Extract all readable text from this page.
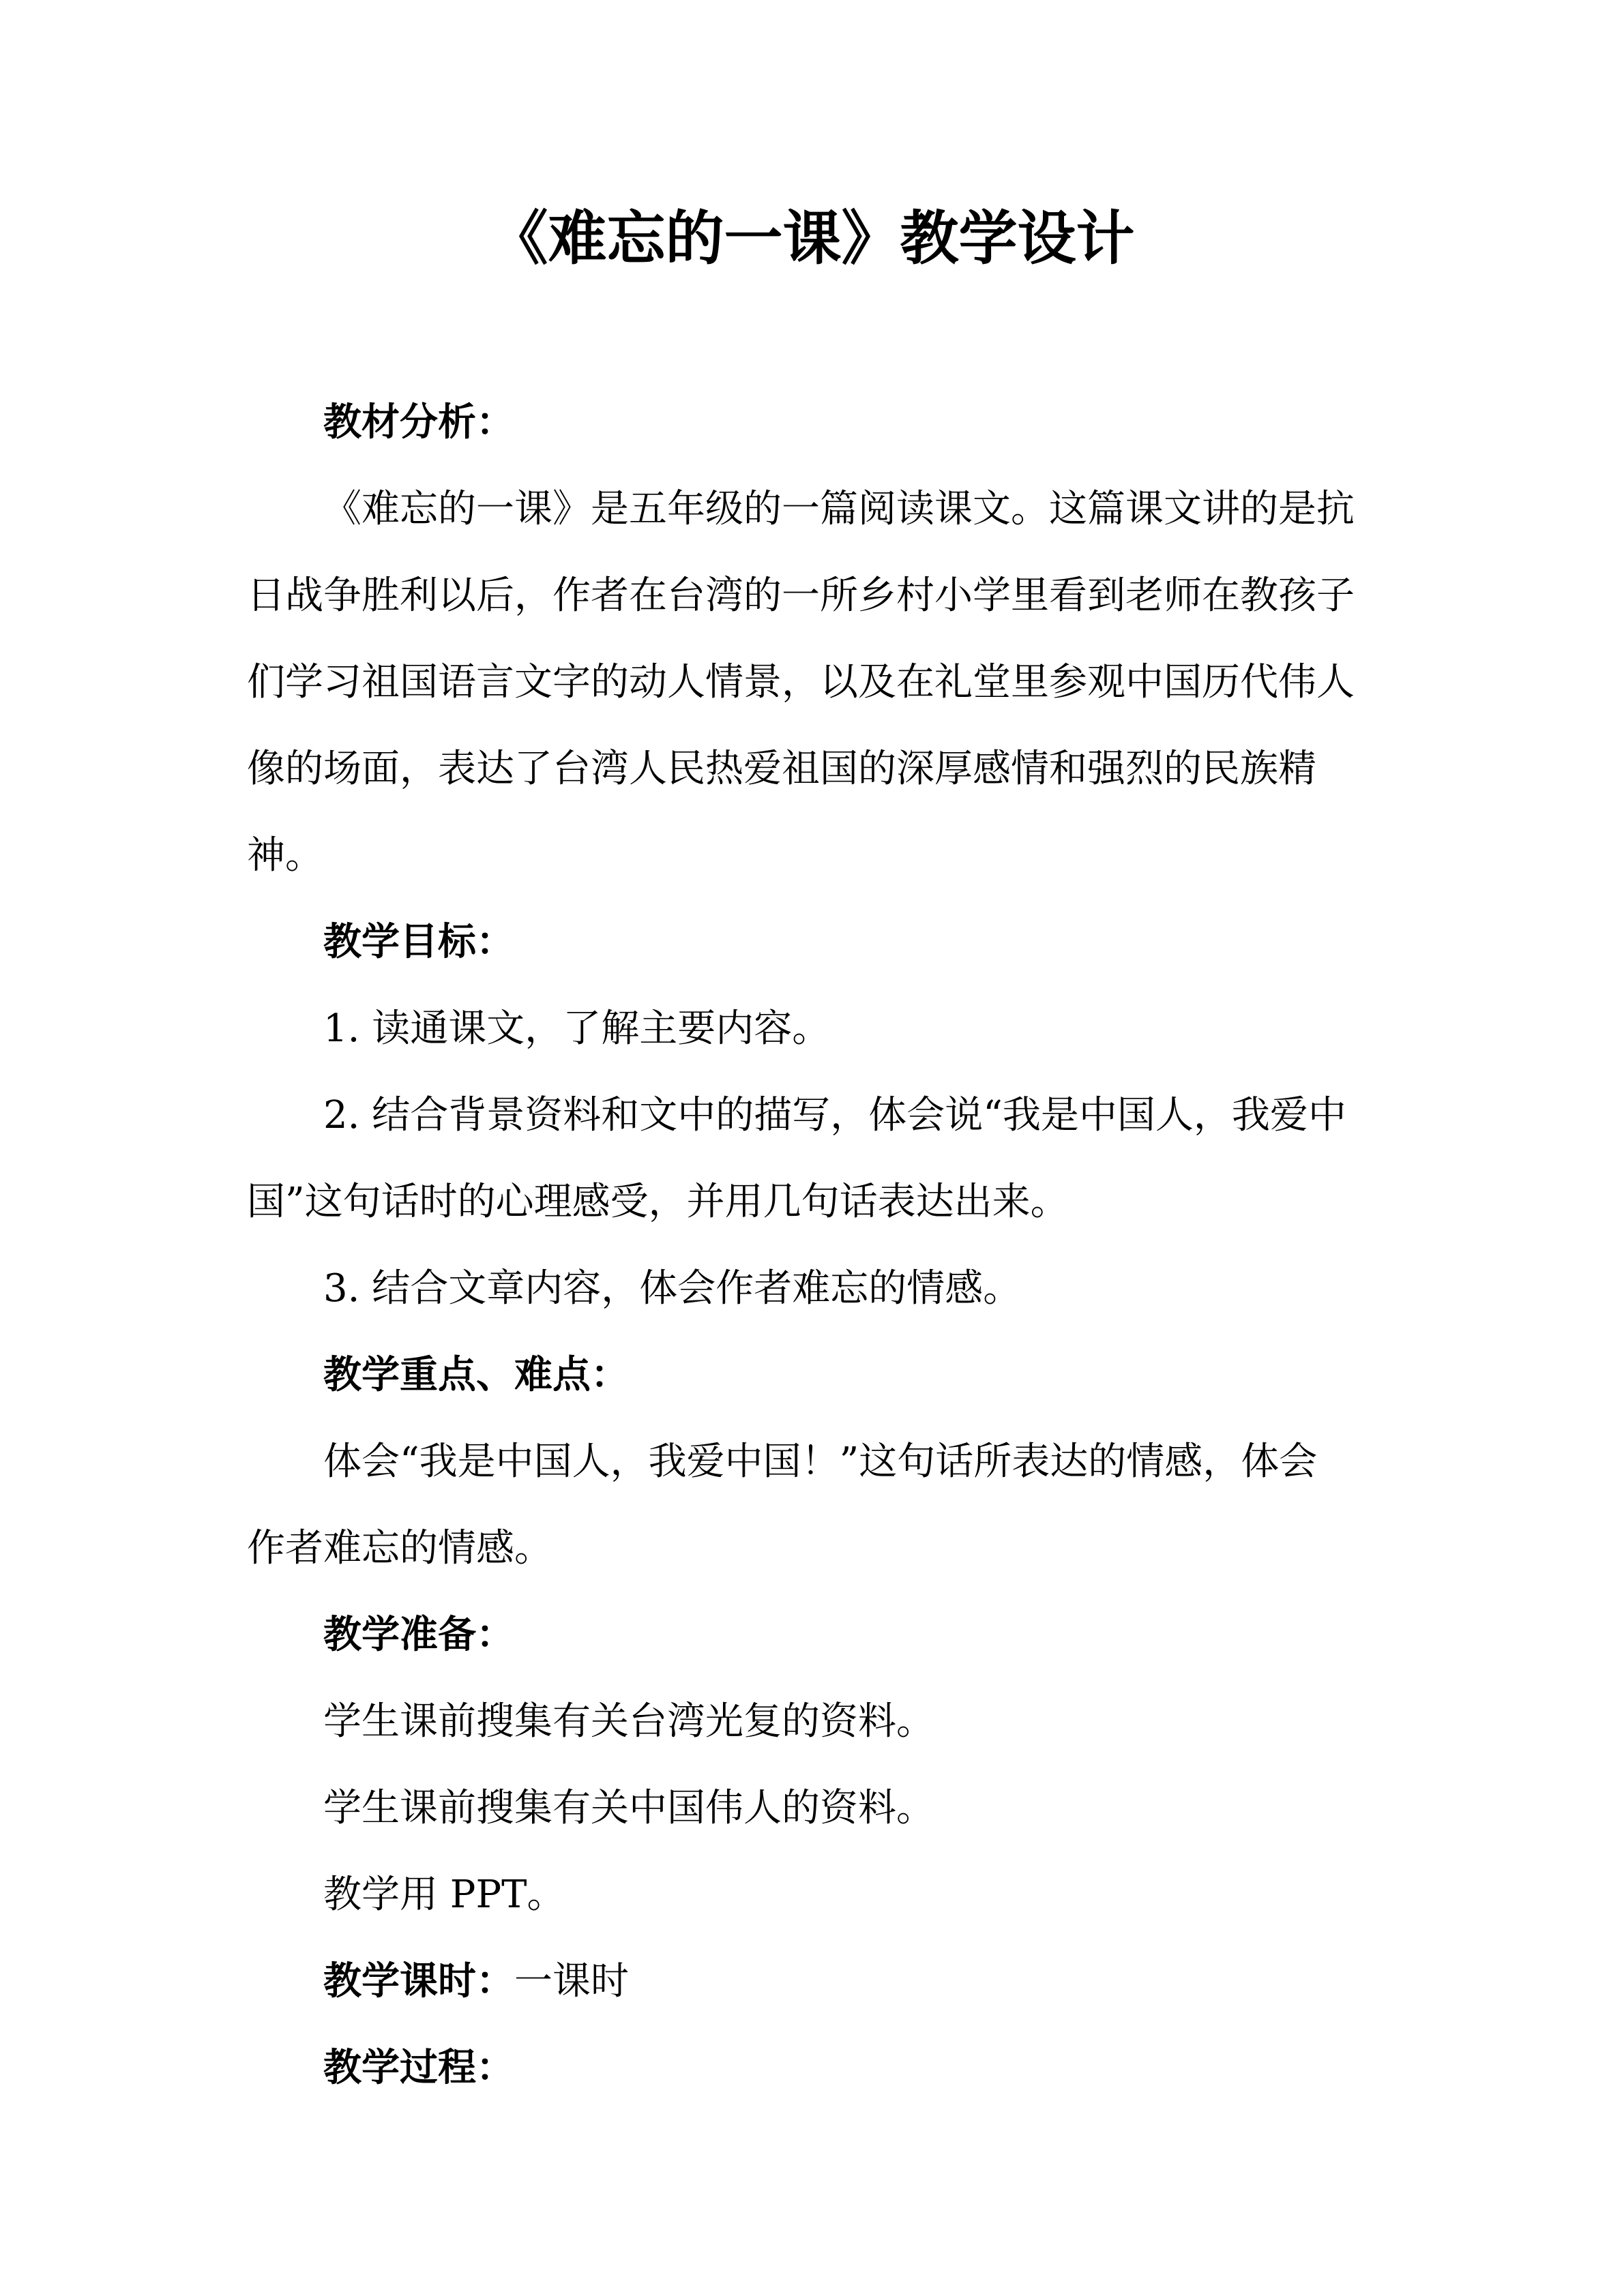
《难忘的一课》教学设计

教材分析：

《难忘的一课》是五年级的一篇阅读课文。这篇课文讲的是抗
日战争胜利以后，作者在台湾的一所乡村小学里看到老师在教孩子
们学习祖国语言文字的动人情景，以及在礼堂里参观中国历代伟人
像的场面，表达了台湾人民热爱祖国的深厚感情和强烈的民族精
神。

教学目标：

1. 读通课文，了解主要内容。

2. 结合背景资料和文中的描写，体会说“我是中国人，我爱中
国”这句话时的心理感受，并用几句话表达出来。

3. 结合文章内容，体会作者难忘的情感。

教学重点、难点：

体会“我是中国人，我爱中国！”这句话所表达的情感，体会
作者难忘的情感。

教学准备：

学生课前搜集有关台湾光复的资料。

学生课前搜集有关中国伟人的资料。

教学用 PPT。

教学课时：一课时

教学过程：
